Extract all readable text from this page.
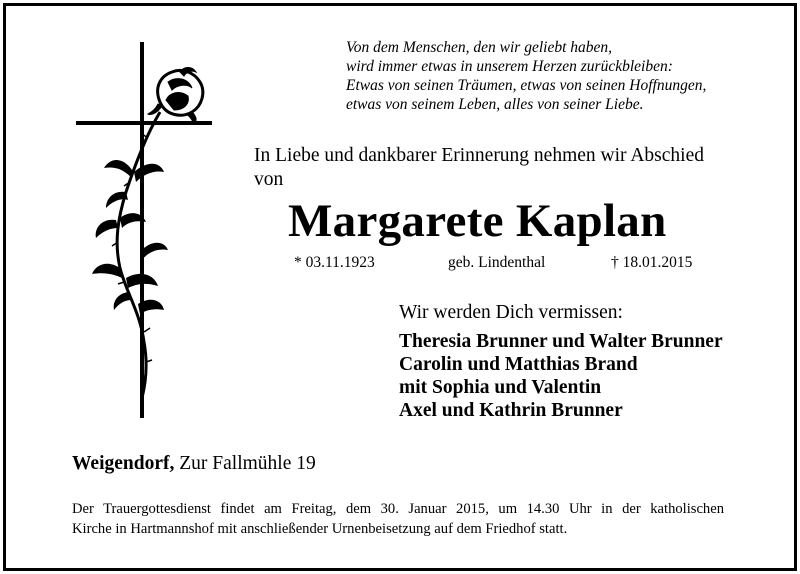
Von dem Menschen, den wir geliebt haben,
wird immer etwas in unserem Herzen zurückbleiben:
Etwas von seinen Träumen, etwas von seinen Hoffnungen,
etwas von seinem Leben, alles von seiner Liebe.
In Liebe und dankbarer Erinnerung nehmen wir Abschied
von
Margarete Kaplan
* 03.11.1923	geb. Lindenthal	† 18.01.2015
Wir werden Dich vermissen:
Theresia Brunner und Walter Brunner
Carolin und Matthias Brand
mit Sophia und Valentin
Axel und Kathrin Brunner
Weigendorf, Zur Fallmühle 19
Der Trauergottesdienst findet am Freitag, dem 30. Januar 2015, um 14.30 Uhr in der katholischen
Kirche in Hartmannshof mit anschließender Urnenbeisetzung auf dem Friedhof statt.
